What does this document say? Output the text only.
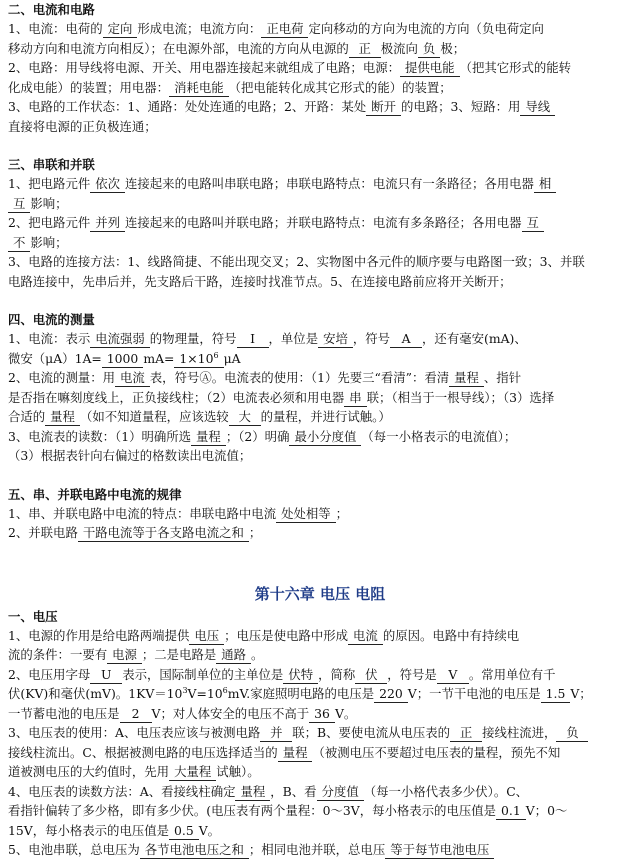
二、电流和电路
1、电流：电荷的 定向 形成电流；电流方向： 正电荷 定向移动的方向为电流的方向（负电荷定向
移动方向和电流方向相反）；在电源外部，电流的方向从电源的 正 极流向 负 极；
2、电路：用导线将电源、开关、用电器连接起来就组成了电路；电源： 提供电能 （把其它形式的能转
化成电能）的装置；用电器： 消耗电能 （把电能转化成其它形式的能）的装置；
3、电路的工作状态：1、通路：处处连通的电路；2、开路：某处 断开 的电路；3、短路：用 导线
直接将电源的正负极连通；
三、串联和并联
1、把电路元件 依次 连接起来的电路叫串联电路；串联电路特点：电流只有一条路径；各用电器 相
互 影响；
2、把电路元件 并列 连接起来的电路叫并联电路；并联电路特点：电流有多条路径；各用电器 互
不 影响；
3、电路的连接方法：1、线路简捷、不能出现交叉；2、实物图中各元件的顺序要与电路图一致；3、并联
电路连接中，先串后并，先支路后干路，连接时找准节点。5、在连接电路前应将开关断开；
四、电流的测量
1、电流：表示 电流强弱 的物理量，符号 I ，单位是 安培 ，符号 A ，还有毫安(mA)、
微安（μA）1A= 1000 $mA= 1\times 10^6$ μA
2、电流的测量：用 电流 表，符号Ⓐ。电流表的使用：（1）先要三“看清”：看清 量程 、指针
是否指在嘛刻度线上，正负接线柱；（2）电流表必须和用电器 串 联；（相当于一根导线）；（3）选择
合适的 量程 （如不知道量程，应该选较 大 的量程，并进行试触。）
3、电流表的读数：（1）明确所选 量程 ；（2）明确 最小分度值 （每一小格表示的电流值）；
（3）根据表针向右偏过的格数读出电流值；
五、串、并联电路中电流的规律
1、串、并联电路中电流的特点：串联电路中电流 处处相等 ；
2、并联电路 干路电流等于各支路电流之和 ；
第十六章 电压 电阻
一、电压
1、电源的作用是给电路两端提供 电压 ；电压是使电路中形成 电流 的原因。电路中有持续电
流的条件：一要有 电源 ；二是电路是 通路 。
2、电压用字母 U 表示，国际制单位的主单位是 伏特 ，简称 伏 ，符号是 V 。常用单位有千
伏(KV)和毫伏(mV)。$1KV=10^3V=10^6mV$.家庭照明电路的电压是 220 V；一节干电池的电压是 1.5 V；
一节蓄电池的电压是 2 V；对人体安全的电压不高于 36 V。
3、电压表的使用：A、电压表应该与被测电路 并 联；B、要使电流从电压表的 正 接线柱流进， 负
接线柱流出。C、根据被测电路的电压选择适当的 量程 （被测电压不要超过电压表的量程，预先不知
道被测电压的大约值时，先用 大量程 试触）。
4、电压表的读数方法：A、看接线柱确定 量程 ，B、看 分度值 （每一小格代表多少伏）。C、
看指针偏转了多少格，即有多少伏。(电压表有两个量程：0～3V，每小格表示的电压值是 0.1 V；0～
15V，每小格表示的电压值是 0.5 V。
5、电池串联，总电压为 各节电池电压之和 ；相同电池并联，总电压 等于每节电池电压
